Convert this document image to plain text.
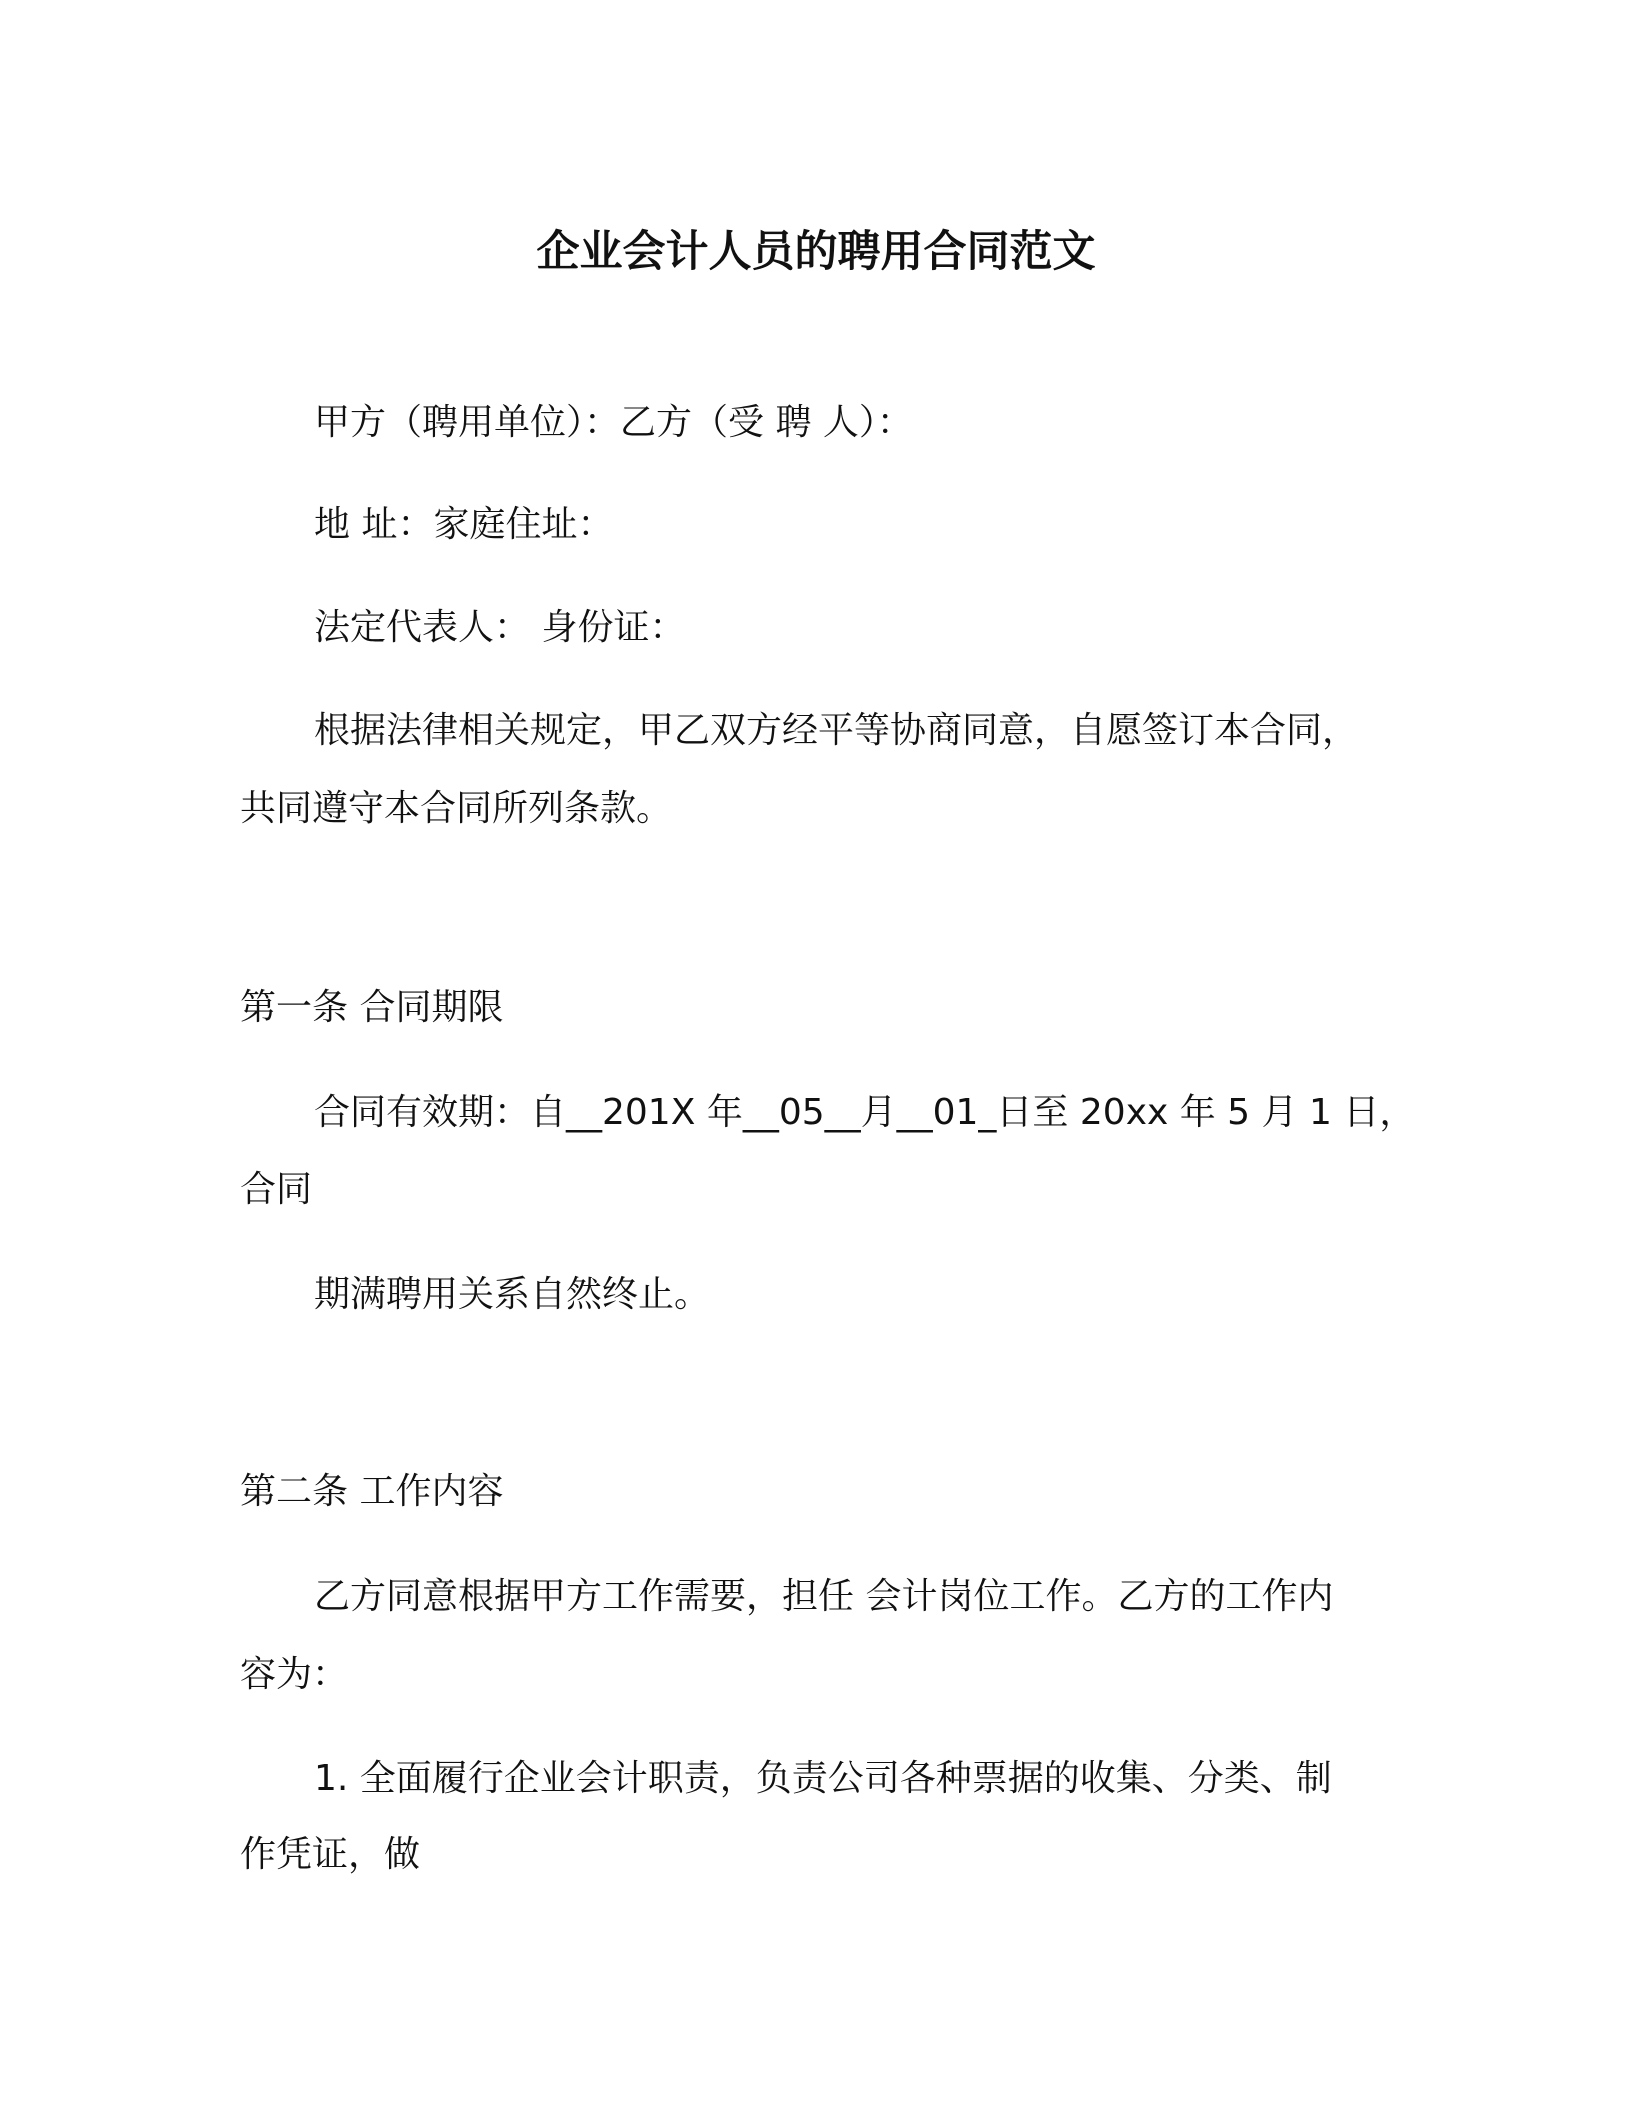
企业会计人员的聘用合同范文
甲方（聘用单位）：乙方（受 聘 人）：
地 址：家庭住址：
法定代表人： 身份证：
根据法律相关规定，甲乙双方经平等协商同意，自愿签订本合同，
共同遵守本合同所列条款。
第一条 合同期限
合同有效期：自__201X 年__05__月__01_日至 20xx 年 5 月 1 日，
合同
期满聘用关系自然终止。
第二条 工作内容
乙方同意根据甲方工作需要，担任 会计岗位工作。乙方的工作内
容为：
1. 全面履行企业会计职责，负责公司各种票据的收集、分类、制
作凭证，做
